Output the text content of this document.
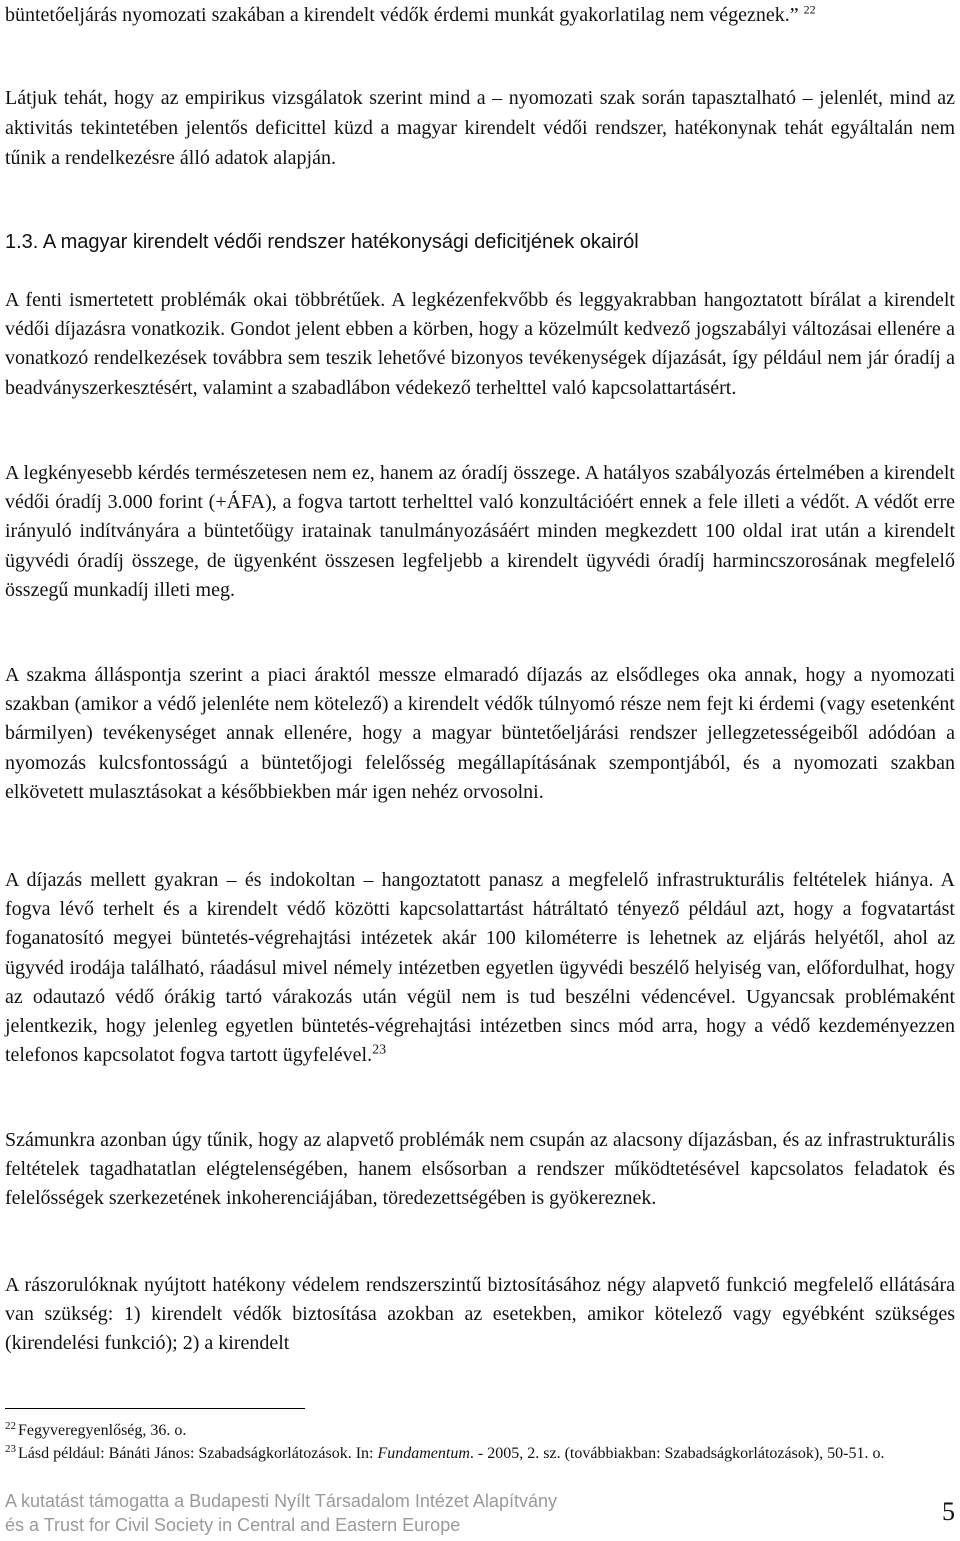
büntetőeljárás nyomozati szakában a kirendelt védők érdemi munkát gyakorlatilag nem végeznek.” $^{22}$

Látjuk tehát, hogy az empirikus vizsgálatok szerint mind a – nyomozati szak során tapasztalható – jelenlét, mind az aktivitás tekintetében jelentős deficittel küzd a magyar kirendelt védői rendszer, hatékonynak tehát egyáltalán nem tűnik a rendelkezésre álló adatok alapján.

1.3. A magyar kirendelt védői rendszer hatékonysági deficitjének okairól

A fenti ismertetett problémák okai többrétűek. A legkézenfekvőbb és leggyakrabban hangoztatott bírálat a kirendelt védői díjazásra vonatkozik. Gondot jelent ebben a körben, hogy a közelmúlt kedvező jogszabályi változásai ellenére a vonatkozó rendelkezések továbbra sem teszik lehetővé bizonyos tevékenységek díjazását, így például nem jár óradíj a beadványszerkesztésért, valamint a szabadlábon védekező terhelttel való kapcsolattartásért.

A legkényesebb kérdés természetesen nem ez, hanem az óradíj összege. A hatályos szabályozás értelmében a kirendelt védői óradíj 3.000 forint (+ÁFA), a fogva tartott terhelttel való konzultációért ennek a fele illeti a védőt. A védőt erre irányuló indítványára a büntetőügy iratainak tanulmányozásáért minden megkezdett 100 oldal irat után a kirendelt ügyvédi óradíj összege, de ügyenként összesen legfeljebb a kirendelt ügyvédi óradíj harmincszorosának megfelelő összegű munkadíj illeti meg.

A szakma álláspontja szerint a piaci áraktól messze elmaradó díjazás az elsődleges oka annak, hogy a nyomozati szakban (amikor a védő jelenléte nem kötelező) a kirendelt védők túlnyomó része nem fejt ki érdemi (vagy esetenként bármilyen) tevékenységet annak ellenére, hogy a magyar büntetőeljárási rendszer jellegzetességeiből adódóan a nyomozás kulcsfontosságú a büntetőjogi felelősség megállapításának szempontjából, és a nyomozati szakban elkövetett mulasztásokat a későbbiekben már igen nehéz orvosolni.

A díjazás mellett gyakran – és indokoltan – hangoztatott panasz a megfelelő infrastrukturális feltételek hiánya. A fogva lévő terhelt és a kirendelt védő közötti kapcsolattartást hátráltató tényező például azt, hogy a fogvatartást foganatosító megyei büntetés-végrehajtási intézetek akár 100 kilométerre is lehetnek az eljárás helyétől, ahol az ügyvéd irodája található, ráadásul mivel némely intézetben egyetlen ügyvédi beszélő helyiség van, előfordulhat, hogy az odautazó védő órákig tartó várakozás után végül nem is tud beszélni védencével. Ugyancsak problémaként jelentkezik, hogy jelenleg egyetlen büntetés-végrehajtási intézetben sincs mód arra, hogy a védő kezdeményezzen telefonos kapcsolatot fogva tartott ügyfelével.$^{23}$

Számunkra azonban úgy tűnik, hogy az alapvető problémák nem csupán az alacsony díjazásban, és az infrastrukturális feltételek tagadhatatlan elégtelenségében, hanem elsősorban a rendszer működtetésével kapcsolatos feladatok és felelősségek szerkezetének inkoherenciájában, töredezettségében is gyökereznek.

A rászorulóknak nyújtott hatékony védelem rendszerszintű biztosításához négy alapvető funkció megfelelő ellátására van szükség: 1) kirendelt védők biztosítása azokban az esetekben, amikor kötelező vagy egyébként szükséges (kirendelési funkció); 2) a kirendelt

$^{22}$ Fegyveregyenlőség, 36. o.

$^{23}$ Lásd például: Bánáti János: Szabadságkorlátozások. In: Fundamentum. - 2005, 2. sz. (továbbiakban: Szabadságkorlátozások), 50-51. o.

A kutatást támogatta a Budapesti Nyílt Társadalom Intézet Alapítvány
és a Trust for Civil Society in Central and Eastern Europe	5
